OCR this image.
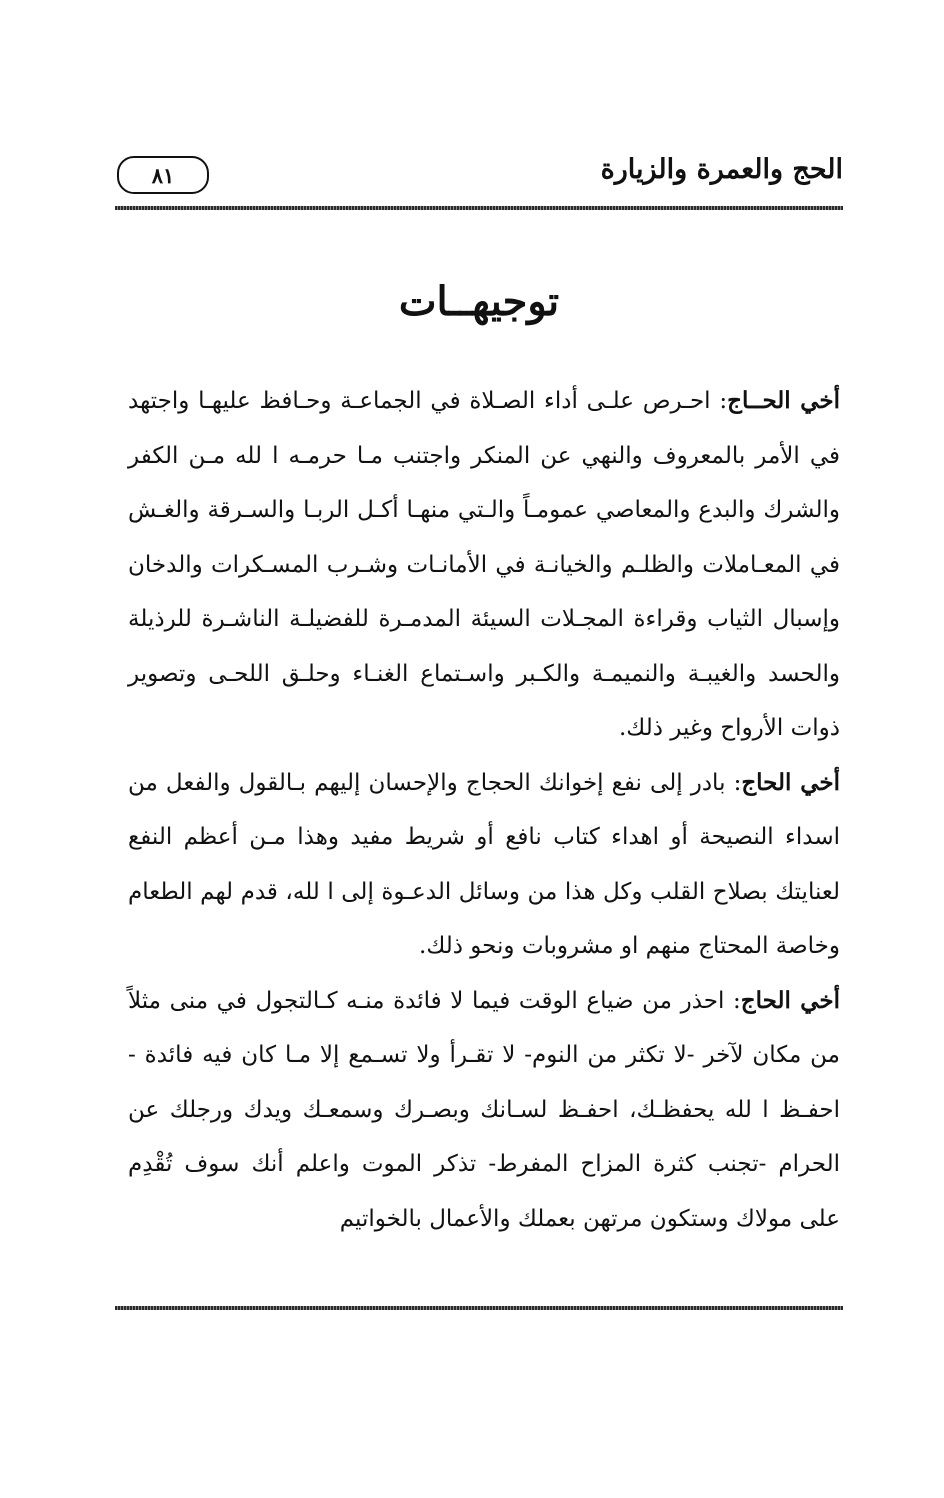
الحج والعمرة والزيارة
٨١
توجيهــات

أخي الحــاج: احـرص علـى أداء الصـلاة في الجماعـة وحـافظ عليهـا واجتهد في الأمر بالمعروف والنهي عن المنكر واجتنب مـا حرمـه ا لله مـن الكفر والشرك والبدع والمعاصي عمومـاً والـتي منهـا أكـل الربـا والسـرقة والغـش في المعـاملات والظلـم والخيانـة في الأمانـات وشـرب المسـكرات والدخان وإسبال الثياب وقراءة المجـلات السيئة المدمـرة للفضيلـة الناشـرة للرذيلة والحسد والغيبـة والنميمـة والكـبر واسـتماع الغنـاء وحلـق اللحـى وتصوير ذوات الأرواح وغير ذلك.

أخي الحاج: بادر إلى نفع إخوانك الحجاج والإحسان إليهم بـالقول والفعل من اسداء النصيحة أو اهداء كتاب نافع أو شريط مفيد وهذا مـن أعظم النفع لعنايتك بصلاح القلب وكل هذا من وسائل الدعـوة إلى ا لله، قدم لهم الطعام وخاصة المحتاج منهم او مشروبات ونحو ذلك.

أخي الحاج: احذر من ضياع الوقت فيما لا فائدة منـه كـالتجول في منى مثلاً من مكان لآخر -لا تكثر من النوم- لا تقـرأ ولا تسـمع إلا مـا كان فيه فائدة - احفـظ ا لله يحفظـك، احفـظ لسـانك وبصـرك وسمعـك ويدك ورجلك عن الحرام -تجنب كثرة المزاح المفرط- تذكر الموت واعلم أنك سوف تُقْدِم على مولاك وستكون مرتهن بعملك والأعمال بالخواتيم
